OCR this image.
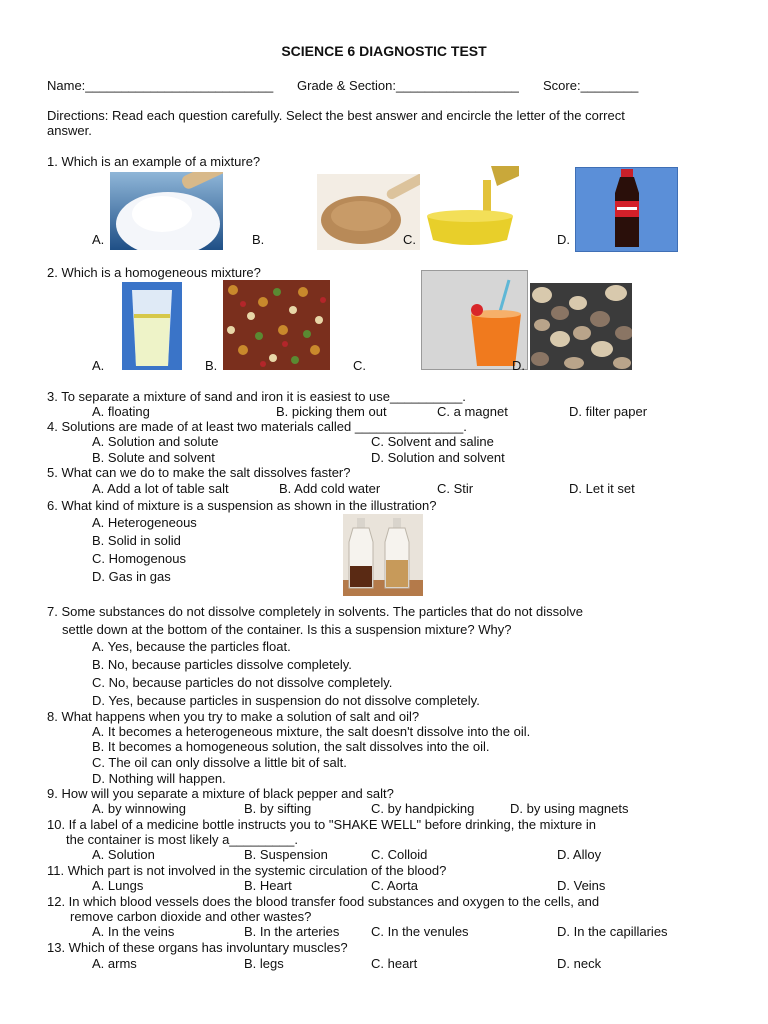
SCIENCE 6 DIAGNOSTIC TEST
Name:__________________________ Grade & Section:_________________ Score:________
Directions: Read each question carefully. Select the best answer and encircle the letter of the correct
answer.
1. Which is an example of a mixture?
A.	B.	C.	D.
2. Which is a homogeneous mixture?
A.	B.	C.	D.
3. To separate a mixture of sand and iron it is easiest to use__________.
A. floating	B. picking them out	C. a magnet	D. filter paper
4. Solutions are made of at least two materials called _______________.
A. Solution and solute	C. Solvent and saline
B. Solute and solvent	D. Solution and solvent
5. What can we do to make the salt dissolves faster?
A. Add a lot of table salt	B. Add cold water	C. Stir	D. Let it set
6. What kind of mixture is a suspension as shown in the illustration?
A. Heterogeneous
B. Solid in solid
C. Homogenous
D. Gas in gas
7. Some substances do not dissolve completely in solvents. The particles that do not dissolve
settle down at the bottom of the container. Is this a suspension mixture? Why?
A. Yes, because the particles float.
B. No, because particles dissolve completely.
C. No, because particles do not dissolve completely.
D. Yes, because particles in suspension do not dissolve completely.
8. What happens when you try to make a solution of salt and oil?
A. It becomes a heterogeneous mixture, the salt doesn't dissolve into the oil.
B. It becomes a homogeneous solution, the salt dissolves into the oil.
C. The oil can only dissolve a little bit of salt.
D. Nothing will happen.
9. How will you separate a mixture of black pepper and salt?
A. by winnowing	B. by sifting	C. by handpicking	D. by using magnets
10. If a label of a medicine bottle instructs you to "SHAKE WELL" before drinking, the mixture in
the container is most likely a_________.
A. Solution	B. Suspension	C. Colloid	D. Alloy
11. Which part is not involved in the systemic circulation of the blood?
A. Lungs	B. Heart	C. Aorta	D. Veins
12. In which blood vessels does the blood transfer food substances and oxygen to the cells, and
remove carbon dioxide and other wastes?
A. In the veins	B. In the arteries C. In the venules	D. In the capillaries
13. Which of these organs has involuntary muscles?
A. arms	B. legs	C. heart	D. neck
